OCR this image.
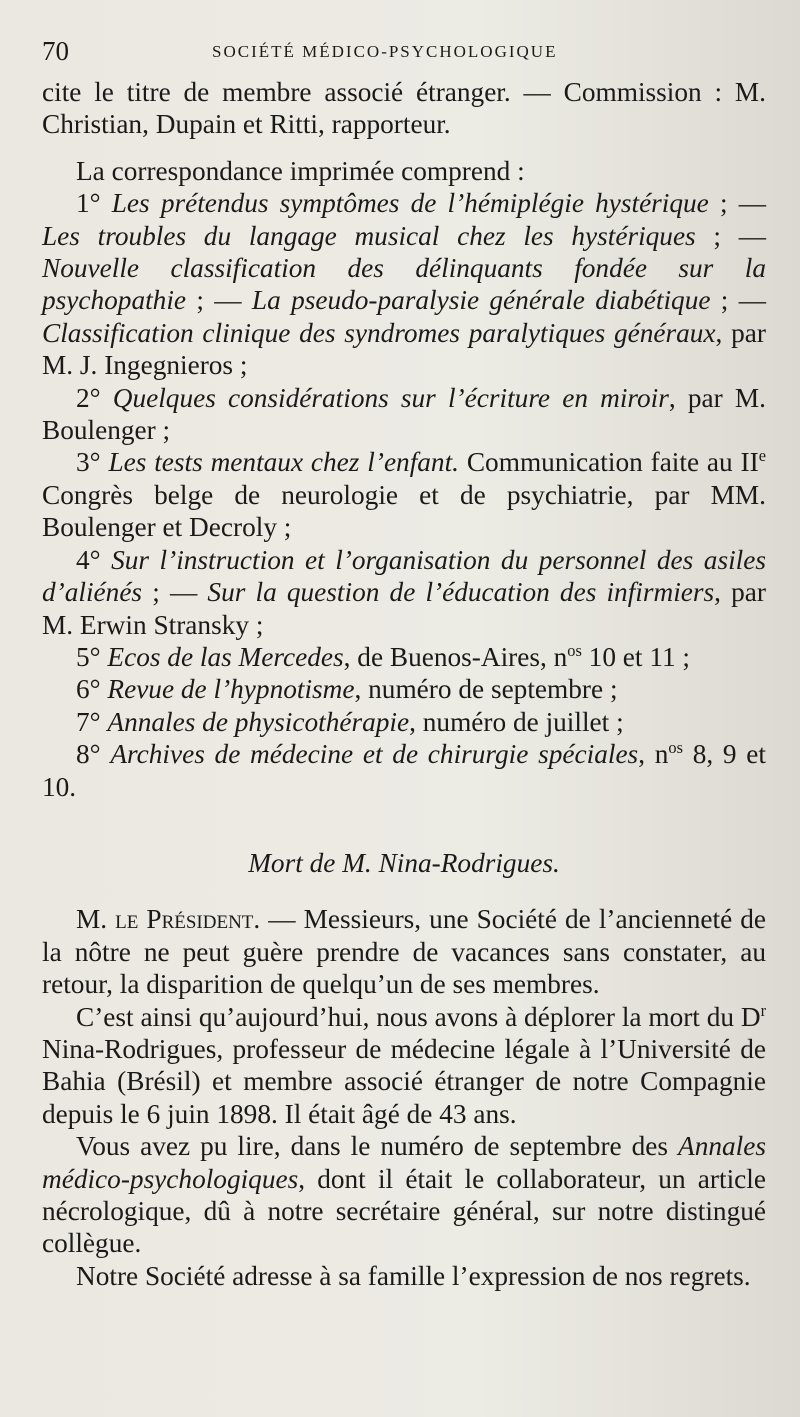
70	SOCIÉTÉ MÉDICO-PSYCHOLOGIQUE

cite le titre de membre associé étranger. — Commission : M. Christian, Dupain et Ritti, rapporteur.

La correspondance imprimée comprend :

1° Les prétendus symptômes de l’hémiplégie hystérique ; — Les troubles du langage musical chez les hystériques ; — Nouvelle classification des délinquants fondée sur la psychopathie ; — La pseudo-paralysie générale diabétique ; — Classification clinique des syndromes paralytiques généraux, par M. J. Ingegnieros ;

2° Quelques considérations sur l’écriture en miroir, par M. Boulenger ;

3° Les tests mentaux chez l’enfant. Communication faite au IIe Congrès belge de neurologie et de psychiatrie, par MM. Boulenger et Decroly ;

4° Sur l’instruction et l’organisation du personnel des asiles d’aliénés ; — Sur la question de l’éducation des infirmiers, par M. Erwin Stransky ;

5° Ecos de las Mercedes, de Buenos-Aires, $n^{os}$ 10 et 11 ;

6° Revue de l’hypnotisme, numéro de septembre ;

7° Annales de physicothérapie, numéro de juillet ;

8° Archives de médecine et de chirurgie spéciales, $n^{os}$ 8, 9 et 10.

Mort de M. Nina-Rodrigues.

M. le Président. — Messieurs, une Société de l’ancienneté de la nôtre ne peut guère prendre de vacances sans constater, au retour, la disparition de quelqu’un de ses membres.

C’est ainsi qu’aujourd’hui, nous avons à déplorer la mort du $D^r$ Nina-Rodrigues, professeur de médecine légale à l’Université de Bahia (Brésil) et membre associé étranger de notre Compagnie depuis le 6 juin 1898. Il était âgé de 43 ans.

Vous avez pu lire, dans le numéro de septembre des Annales médico-psychologiques, dont il était le collaborateur, un article nécrologique, dû à notre secrétaire général, sur notre distingué collègue.

Notre Société adresse à sa famille l’expression de nos regrets.
